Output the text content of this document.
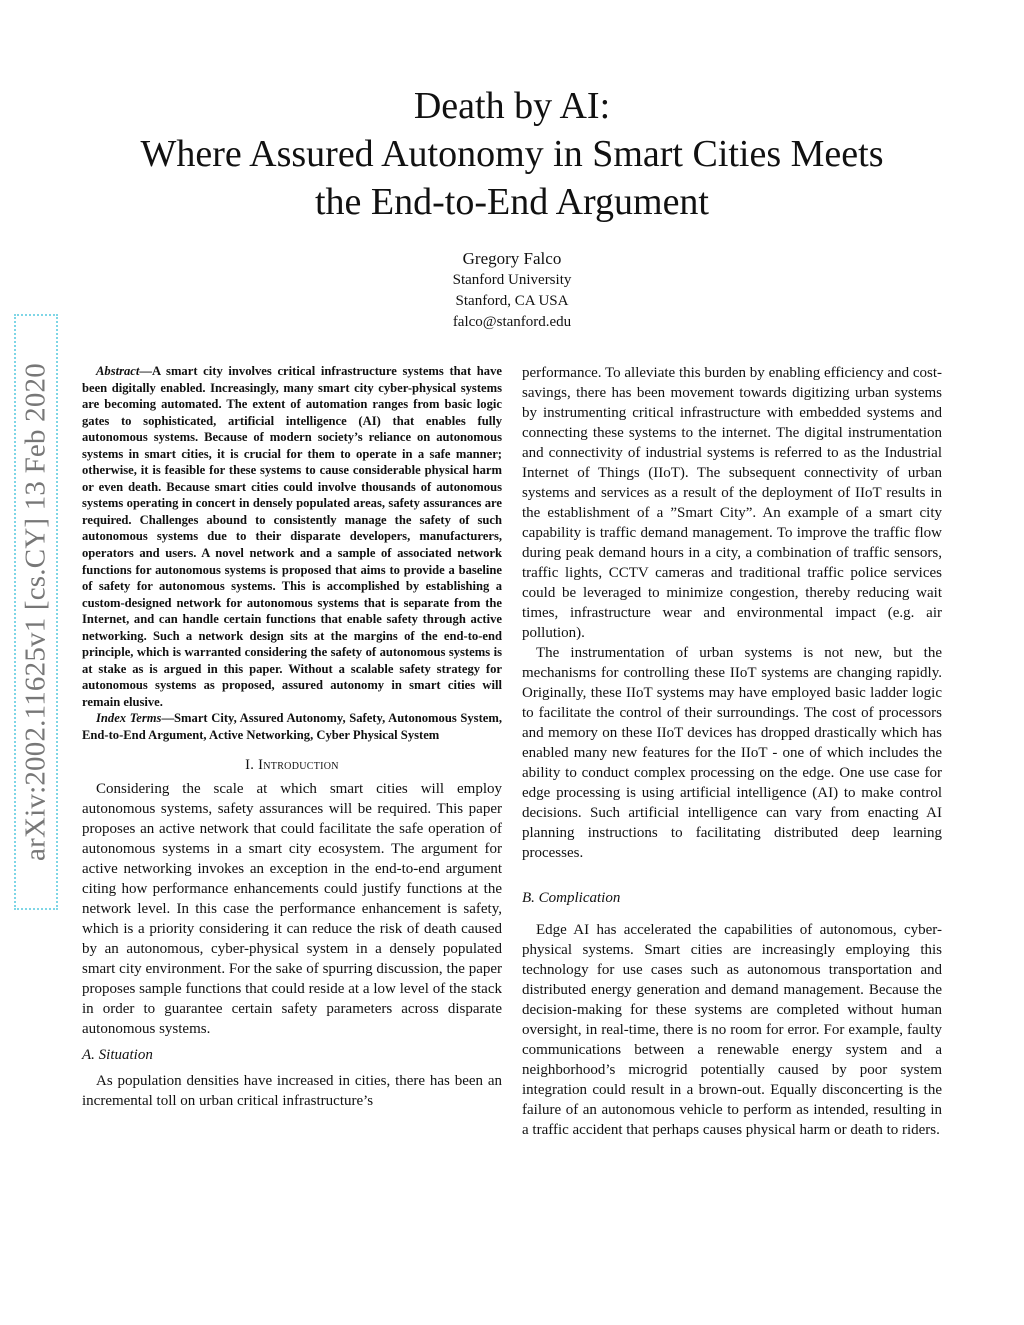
arXiv:2002.11625v1 [cs.CY] 13 Feb 2020
Death by AI:
Where Assured Autonomy in Smart Cities Meets
the End-to-End Argument
Gregory Falco
Stanford University
Stanford, CA USA
falco@stanford.edu

Abstract—A smart city involves critical infrastructure systems that have been digitally enabled. Increasingly, many smart city cyber-physical systems are becoming automated. The extent of automation ranges from basic logic gates to sophisticated, artificial intelligence (AI) that enables fully autonomous systems. Because of modern society’s reliance on autonomous systems in smart cities, it is crucial for them to operate in a safe manner; otherwise, it is feasible for these systems to cause considerable physical harm or even death. Because smart cities could involve thousands of autonomous systems operating in concert in densely populated areas, safety assurances are required. Challenges abound to consistently manage the safety of such autonomous systems due to their disparate developers, manufacturers, operators and users. A novel network and a sample of associated network functions for autonomous systems is proposed that aims to provide a baseline of safety for autonomous systems. This is accomplished by establishing a custom-designed network for autonomous systems that is separate from the Internet, and can handle certain functions that enable safety through active networking. Such a network design sits at the margins of the end-to-end principle, which is warranted considering the safety of autonomous systems is at stake as is argued in this paper. Without a scalable safety strategy for autonomous systems as proposed, assured autonomy in smart cities will remain elusive.

Index Terms—Smart City, Assured Autonomy, Safety, Autonomous System, End-to-End Argument, Active Networking, Cyber Physical System

I. Introduction

Considering the scale at which smart cities will employ autonomous systems, safety assurances will be required. This paper proposes an active network that could facilitate the safe operation of autonomous systems in a smart city ecosystem. The argument for active networking invokes an exception in the end-to-end argument citing how performance enhancements could justify functions at the network level. In this case the performance enhancement is safety, which is a priority considering it can reduce the risk of death caused by an autonomous, cyber-physical system in a densely populated smart city environment. For the sake of spurring discussion, the paper proposes sample functions that could reside at a low level of the stack in order to guarantee certain safety parameters across disparate autonomous systems.

A. Situation

As population densities have increased in cities, there has been an incremental toll on urban critical infrastructure’s

performance. To alleviate this burden by enabling efficiency and cost-savings, there has been movement towards digitizing urban systems by instrumenting critical infrastructure with embedded systems and connecting these systems to the internet. The digital instrumentation and connectivity of industrial systems is referred to as the Industrial Internet of Things (IIoT). The subsequent connectivity of urban systems and services as a result of the deployment of IIoT results in the establishment of a ”Smart City”. An example of a smart city capability is traffic demand management. To improve the traffic flow during peak demand hours in a city, a combination of traffic sensors, traffic lights, CCTV cameras and traditional traffic police services could be leveraged to minimize congestion, thereby reducing wait times, infrastructure wear and environmental impact (e.g. air pollution).

The instrumentation of urban systems is not new, but the mechanisms for controlling these IIoT systems are changing rapidly. Originally, these IIoT systems may have employed basic ladder logic to facilitate the control of their surroundings. The cost of processors and memory on these IIoT devices has dropped drastically which has enabled many new features for the IIoT - one of which includes the ability to conduct complex processing on the edge. One use case for edge processing is using artificial intelligence (AI) to make control decisions. Such artificial intelligence can vary from enacting AI planning instructions to facilitating distributed deep learning processes.

B. Complication

Edge AI has accelerated the capabilities of autonomous, cyber-physical systems. Smart cities are increasingly employing this technology for use cases such as autonomous transportation and distributed energy generation and demand management. Because the decision-making for these systems are completed without human oversight, in real-time, there is no room for error. For example, faulty communications between a renewable energy system and a neighborhood’s microgrid potentially caused by poor system integration could result in a brown-out. Equally disconcerting is the failure of an autonomous vehicle to perform as intended, resulting in a traffic accident that perhaps causes physical harm or death to riders.
